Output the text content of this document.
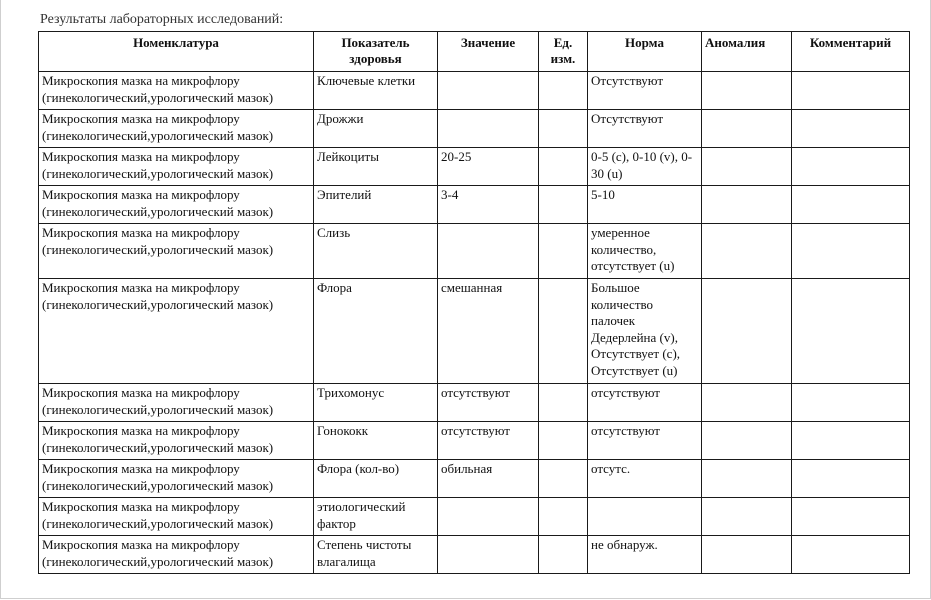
Результаты лабораторных исследований:
Номенклатура	Показатель здоровья	Значение	Ед. изм.	Норма	Аномалия	Комментарий
Микроскопия мазка на микрофлору (гинекологический,урологический мазок)	Ключевые клетки			Отсутствуют		
Микроскопия мазка на микрофлору (гинекологический,урологический мазок)	Дрожжи			Отсутствуют		
Микроскопия мазка на микрофлору (гинекологический,урологический мазок)	Лейкоциты	20-25		0-5 (c), 0-10 (v), 0-30 (u)		
Микроскопия мазка на микрофлору (гинекологический,урологический мазок)	Эпителий	3-4		5-10		
Микроскопия мазка на микрофлору (гинекологический,урологический мазок)	Слизь			умеренное количество, отсутствует (u)		
Микроскопия мазка на микрофлору (гинекологический,урологический мазок)	Флора	смешанная		Большое количество палочек Дедерлейна (v), Отсутствует (c), Отсутствует (u)		
Микроскопия мазка на микрофлору (гинекологический,урологический мазок)	Трихомонус	отсутствуют		отсутствуют		
Микроскопия мазка на микрофлору (гинекологический,урологический мазок)	Гонококк	отсутствуют		отсутствуют		
Микроскопия мазка на микрофлору (гинекологический,урологический мазок)	Флора (кол-во)	обильная		отсутс.		
Микроскопия мазка на микрофлору (гинекологический,урологический мазок)	этиологический фактор					
Микроскопия мазка на микрофлору (гинекологический,урологический мазок)	Степень чистоты влагалища			не обнаруж.		
